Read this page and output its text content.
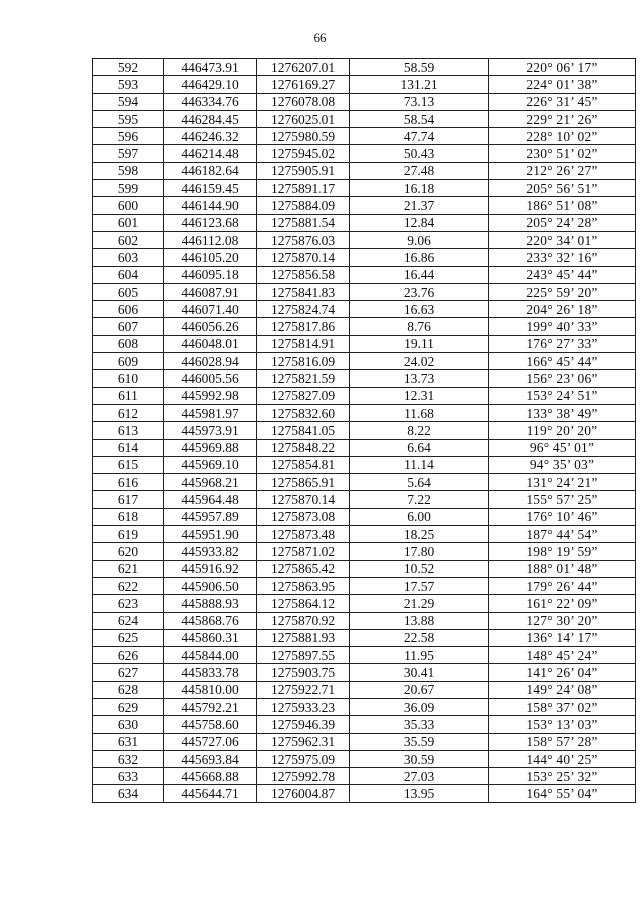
66
592	446473.91	1276207.01	58.59	220° 06’ 17”
593	446429.10	1276169.27	131.21	224° 01’ 38”
594	446334.76	1276078.08	73.13	226° 31’ 45”
595	446284.45	1276025.01	58.54	229° 21’ 26”
596	446246.32	1275980.59	47.74	228° 10’ 02”
597	446214.48	1275945.02	50.43	230° 51’ 02”
598	446182.64	1275905.91	27.48	212° 26’ 27”
599	446159.45	1275891.17	16.18	205° 56’ 51”
600	446144.90	1275884.09	21.37	186° 51’ 08”
601	446123.68	1275881.54	12.84	205° 24’ 28”
602	446112.08	1275876.03	9.06	220° 34’ 01”
603	446105.20	1275870.14	16.86	233° 32’ 16”
604	446095.18	1275856.58	16.44	243° 45’ 44”
605	446087.91	1275841.83	23.76	225° 59’ 20”
606	446071.40	1275824.74	16.63	204° 26’ 18”
607	446056.26	1275817.86	8.76	199° 40’ 33”
608	446048.01	1275814.91	19.11	176° 27’ 33”
609	446028.94	1275816.09	24.02	166° 45’ 44”
610	446005.56	1275821.59	13.73	156° 23’ 06”
611	445992.98	1275827.09	12.31	153° 24’ 51”
612	445981.97	1275832.60	11.68	133° 38’ 49”
613	445973.91	1275841.05	8.22	119° 20’ 20”
614	445969.88	1275848.22	6.64	96° 45’ 01”
615	445969.10	1275854.81	11.14	94° 35’ 03”
616	445968.21	1275865.91	5.64	131° 24’ 21”
617	445964.48	1275870.14	7.22	155° 57’ 25”
618	445957.89	1275873.08	6.00	176° 10’ 46”
619	445951.90	1275873.48	18.25	187° 44’ 54”
620	445933.82	1275871.02	17.80	198° 19’ 59”
621	445916.92	1275865.42	10.52	188° 01’ 48”
622	445906.50	1275863.95	17.57	179° 26’ 44”
623	445888.93	1275864.12	21.29	161° 22’ 09”
624	445868.76	1275870.92	13.88	127° 30’ 20”
625	445860.31	1275881.93	22.58	136° 14’ 17”
626	445844.00	1275897.55	11.95	148° 45’ 24”
627	445833.78	1275903.75	30.41	141° 26’ 04”
628	445810.00	1275922.71	20.67	149° 24’ 08”
629	445792.21	1275933.23	36.09	158° 37’ 02”
630	445758.60	1275946.39	35.33	153° 13’ 03”
631	445727.06	1275962.31	35.59	158° 57’ 28”
632	445693.84	1275975.09	30.59	144° 40’ 25”
633	445668.88	1275992.78	27.03	153° 25’ 32”
634	445644.71	1276004.87	13.95	164° 55’ 04”
